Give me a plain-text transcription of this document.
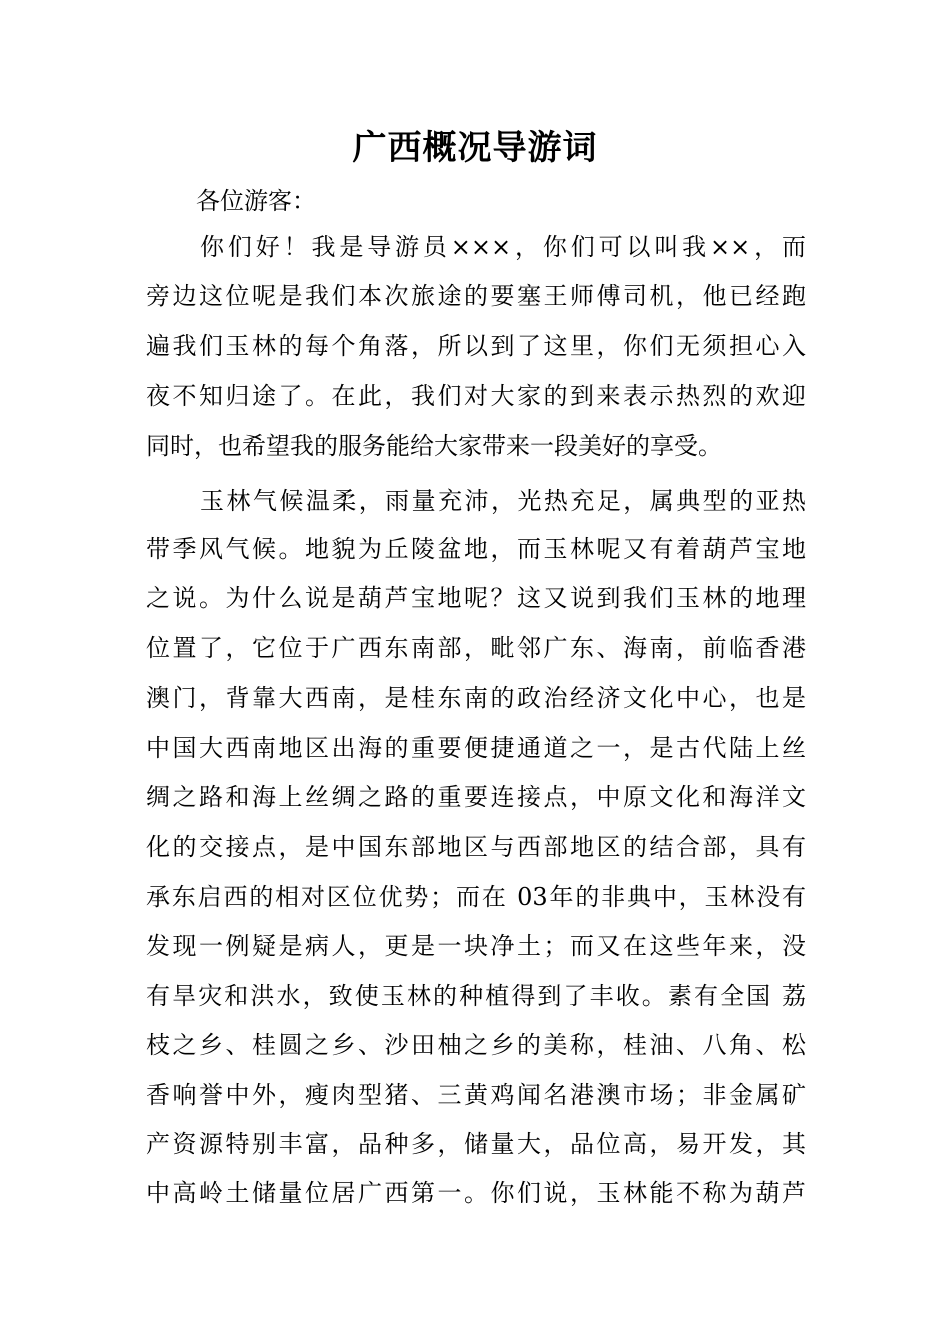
广西概况导游词
各位游客：
你们好！我是导游员×××，你们可以叫我××，而
旁边这位呢是我们本次旅途的要塞王师傅司机，他已经跑
遍我们玉林的每个角落，所以到了这里，你们无须担心入
夜不知归途了。在此，我们对大家的到来表示热烈的欢迎
同时，也希望我的服务能给大家带来一段美好的享受。
玉林气候温柔，雨量充沛，光热充足，属典型的亚热
带季风气候。地貌为丘陵盆地，而玉林呢又有着葫芦宝地
之说。为什么说是葫芦宝地呢？这又说到我们玉林的地理
位置了，它位于广西东南部，毗邻广东、海南，前临香港
澳门，背靠大西南，是桂东南的政治经济文化中心，也是
中国大西南地区出海的重要便捷通道之一，是古代陆上丝
绸之路和海上丝绸之路的重要连接点，中原文化和海洋文
化的交接点，是中国东部地区与西部地区的结合部，具有
承东启西的相对区位优势；而在 03年的非典中，玉林没有
发现一例疑是病人，更是一块净土；而又在这些年来，没
有旱灾和洪水，致使玉林的种植得到了丰收。素有全国 荔
枝之乡、桂圆之乡、沙田柚之乡的美称，桂油、八角、松
香响誉中外，瘦肉型猪、三黄鸡闻名港澳市场；非金属矿
产资源特别丰富，品种多，储量大，品位高，易开发，其
中高岭土储量位居广西第一。你们说，玉林能不称为葫芦
